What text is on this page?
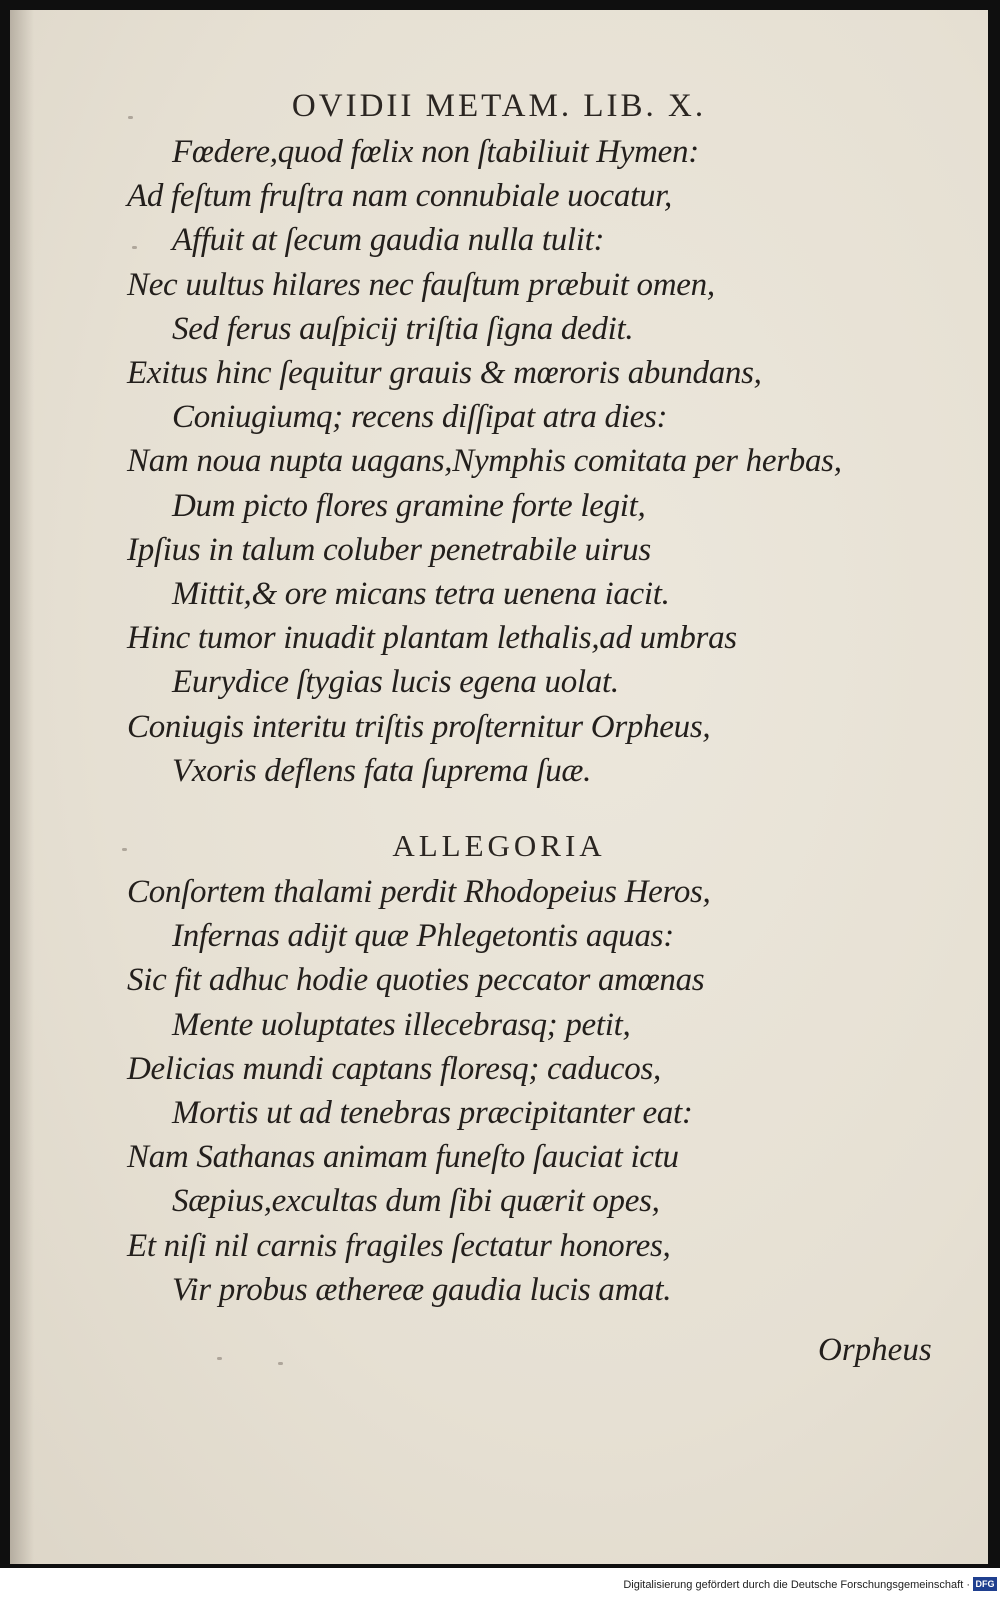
OVIDII METAM. LIB. X.
Fœdere,quod fœlix non ſtabiliuit Hymen:
Ad feſtum fruſtra nam connubiale uocatur,
Affuit at ſecum gaudia nulla tulit:
Nec uultus hilares nec fauſtum præbuit omen,
Sed ferus auſpicij triſtia ſigna dedit.
Exitus hinc ſequitur grauis & mœroris abundans,
Coniugiumq; recens diſſipat atra dies:
Nam noua nupta uagans,Nymphis comitata per herbas,
Dum picto flores gramine forte legit,
Ipſius in talum coluber penetrabile uirus
Mittit,& ore micans tetra uenena iacit.
Hinc tumor inuadit plantam lethalis,ad umbras
Eurydice ſtygias lucis egena uolat.
Coniugis interitu triſtis proſternitur Orpheus,
Vxoris deflens fata ſuprema ſuæ.
ALLEGORIA
Conſortem thalami perdit Rhodopeius Heros,
Infernas adijt quæ Phlegetontis aquas:
Sic fit adhuc hodie quoties peccator amœnas
Mente uoluptates illecebrasq; petit,
Delicias mundi captans floresq; caducos,
Mortis ut ad tenebras præcipitanter eat:
Nam Sathanas animam funeſto ſauciat ictu
Sæpius,excultas dum ſibi quærit opes,
Et niſi nil carnis fragiles ſectatur honores,
Vir probus æthereæ gaudia lucis amat.
Orpheus
Digitalisierung gefördert durch die Deutsche Forschungsgemeinschaft · DFG
